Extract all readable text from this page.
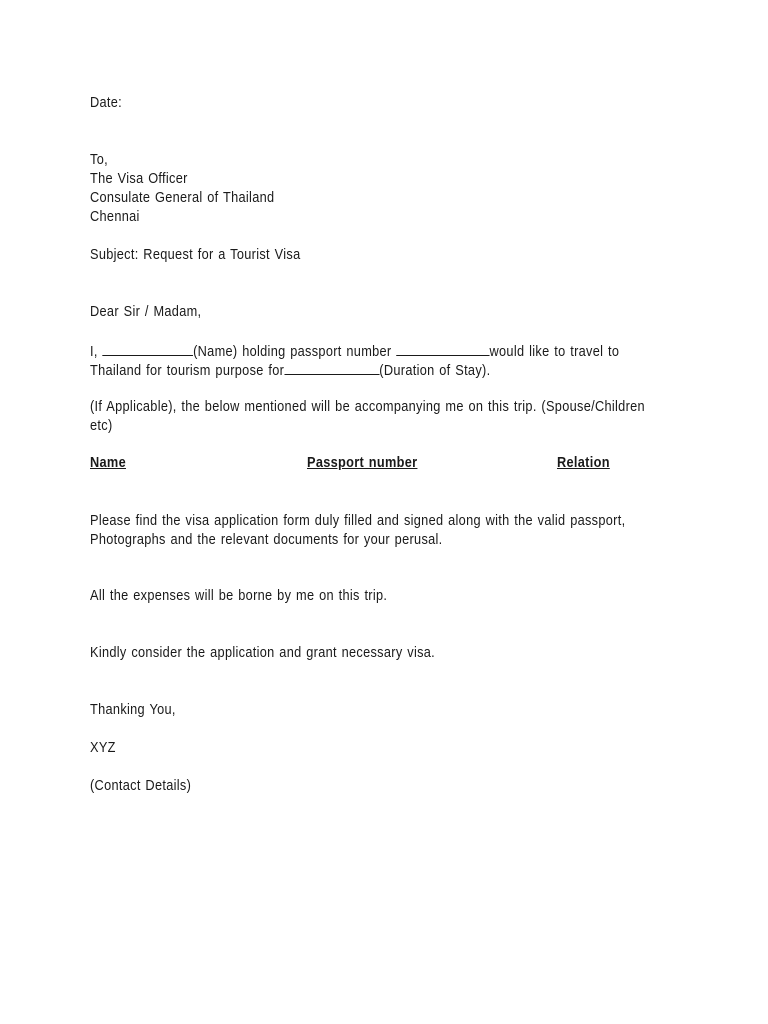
Date:
To,
The Visa Officer
Consulate General of Thailand
Chennai
Subject: Request for a Tourist Visa
Dear Sir / Madam,
I,	(Name) holding passport number	would like to travel to
Thailand for tourism purpose for	(Duration of Stay).
(If Applicable), the below mentioned will be accompanying me on this trip. (Spouse/Children
etc)
Name	Passport number	Relation
Please find the visa application form duly filled and signed along with the valid passport,
Photographs and the relevant documents for your perusal.
All the expenses will be borne by me on this trip.
Kindly consider the application and grant necessary visa.
Thanking You,
XYZ
(Contact Details)
